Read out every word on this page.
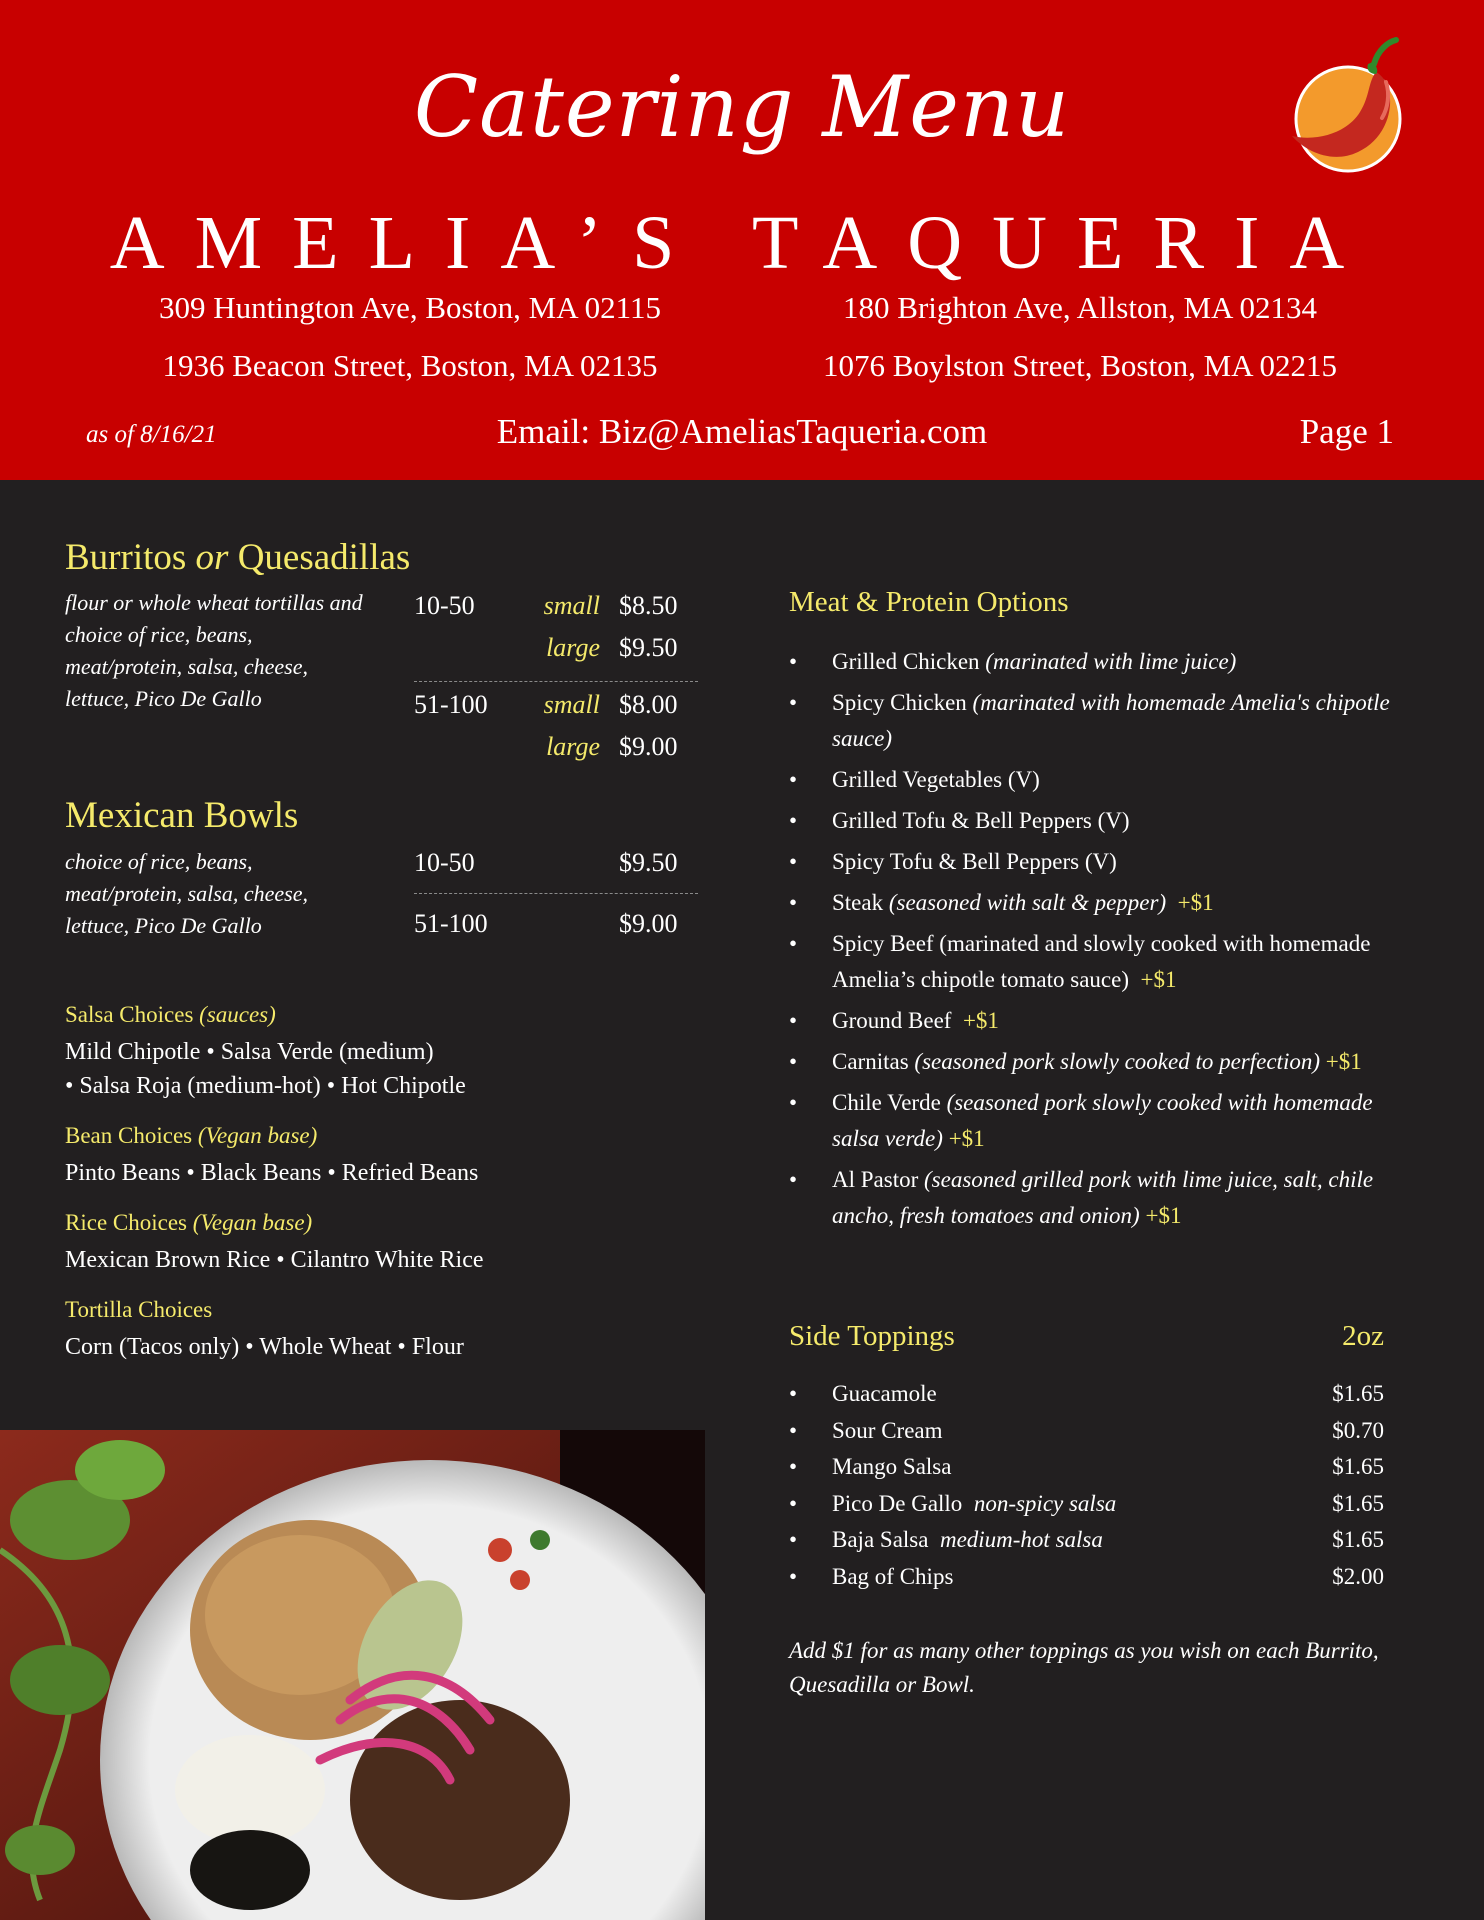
Catering Menu
AMELIA’S TAQUERIA
309 Huntington Ave, Boston, MA 02115	180 Brighton Ave, Allston, MA 02134
1936 Beacon Street, Boston, MA 02135	1076 Boylston Street, Boston, MA 02215
as of 8/16/21	Email: Biz@AmeliasTaqueria.com	Page 1
Burritos or Quesadillas
flour or whole wheat tortillas and choice of rice, beans, meat/protein, salsa, cheese, lettuce, Pico De Gallo
10-50	small $8.50
large $9.50
51-100	small $8.00
large $9.00
Mexican Bowls
choice of rice, beans, meat/protein, salsa, cheese, lettuce, Pico De Gallo
10-50	$9.50
51-100	$9.00
Salsa Choices (sauces)
Mild Chipotle • Salsa Verde (medium)
• Salsa Roja (medium-hot) • Hot Chipotle
Bean Choices (Vegan base)
Pinto Beans • Black Beans • Refried Beans
Rice Choices (Vegan base)
Mexican Brown Rice • Cilantro White Rice
Tortilla Choices
Corn (Tacos only) • Whole Wheat • Flour
Meat & Protein Options
• Grilled Chicken (marinated with lime juice)
• Spicy Chicken (marinated with homemade Amelia's chipotle sauce)
• Grilled Vegetables (V)
• Grilled Tofu & Bell Peppers (V)
• Spicy Tofu & Bell Peppers (V)
• Steak (seasoned with salt & pepper) +$1
• Spicy Beef (marinated and slowly cooked with homemade Amelia’s chipotle tomato sauce) +$1
• Ground Beef +$1
• Carnitas (seasoned pork slowly cooked to perfection) +$1
• Chile Verde (seasoned pork slowly cooked with homemade salsa verde) +$1
• Al Pastor (seasoned grilled pork with lime juice, salt, chile ancho, fresh tomatoes and onion) +$1
Side Toppings	2oz
• Guacamole	$1.65
• Sour Cream	$0.70
• Mango Salsa	$1.65
• Pico De Gallo non-spicy salsa	$1.65
• Baja Salsa medium-hot salsa	$1.65
• Bag of Chips	$2.00
Add $1 for as many other toppings as you wish on each Burrito, Quesadilla or Bowl.
